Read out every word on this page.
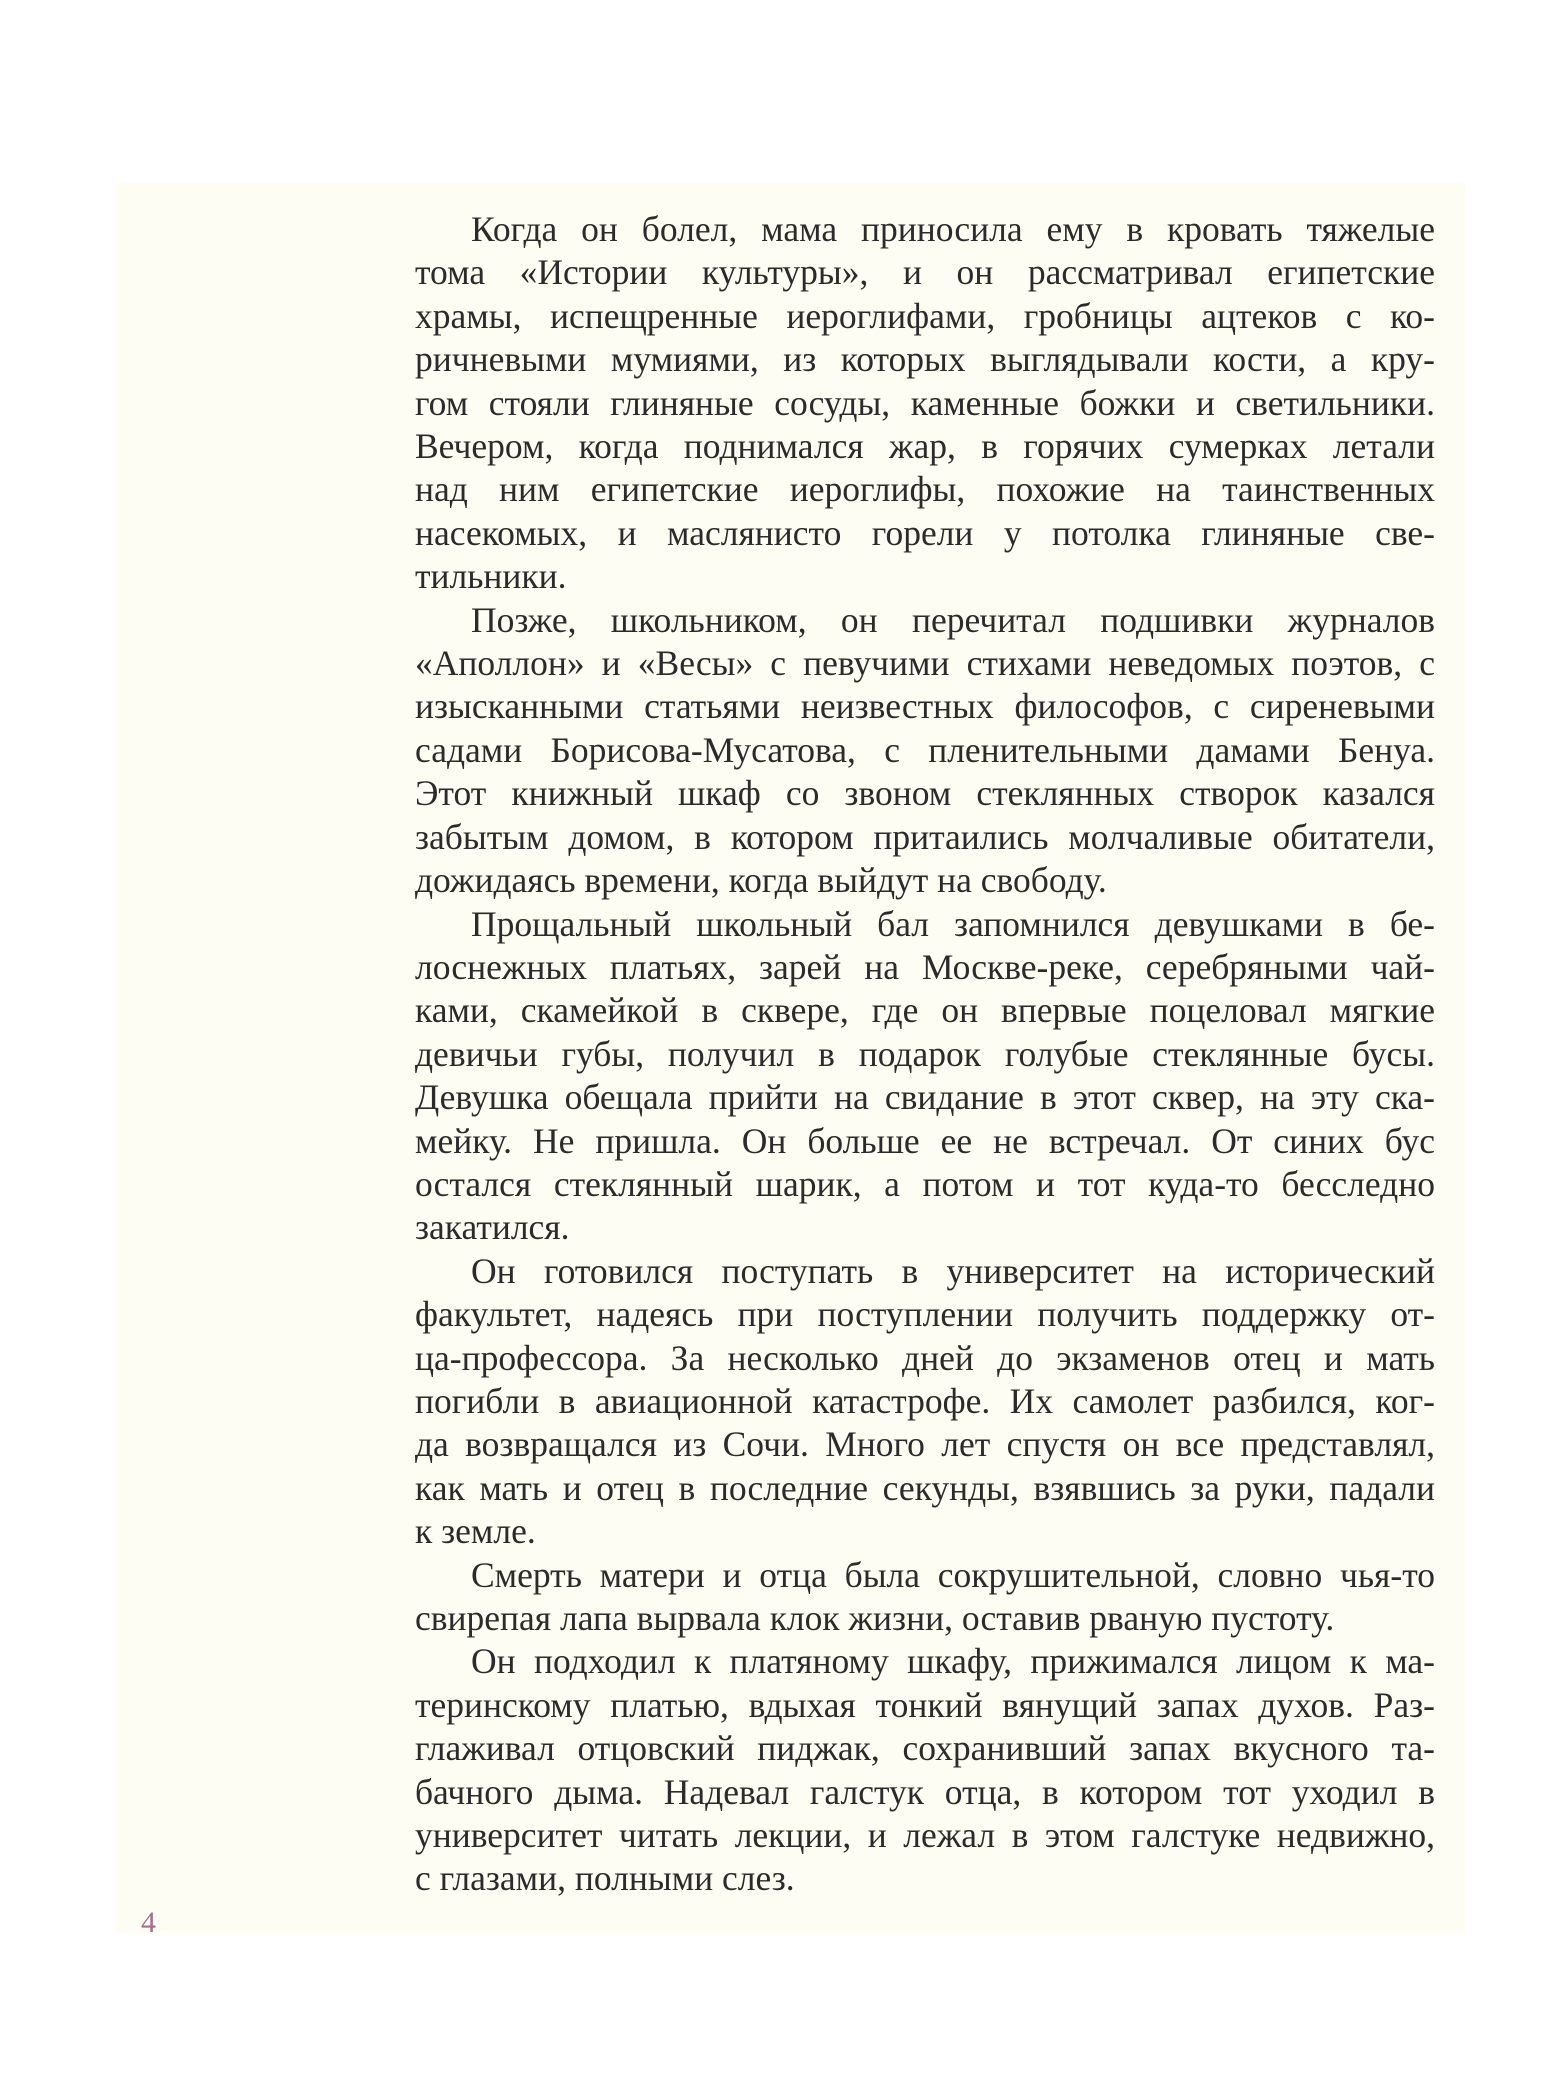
Когда он болел, мама приносила ему в кровать тяжелые
тома «Истории культуры», и он рассматривал египетские
храмы, испещренные иероглифами, гробницы ацтеков с ко-
ричневыми мумиями, из которых выглядывали кости, а кру-
гом стояли глиняные сосуды, каменные божки и светильники.
Вечером, когда поднимался жар, в горячих сумерках летали
над ним египетские иероглифы, похожие на таинственных
насекомых, и маслянисто горели у потолка глиняные све-
тильники.

Позже, школьником, он перечитал подшивки журналов
«Аполлон» и «Весы» с певучими стихами неведомых поэтов, с
изысканными статьями неизвестных философов, с сиреневыми
садами Борисова-Мусатова, с пленительными дамами Бенуа.
Этот книжный шкаф со звоном стеклянных створок казался
забытым домом, в котором притаились молчаливые обитатели,
дожидаясь времени, когда выйдут на свободу.

Прощальный школьный бал запомнился девушками в бе-
лоснежных платьях, зарей на Москве-реке, серебряными чай-
ками, скамейкой в сквере, где он впервые поцеловал мягкие
девичьи губы, получил в подарок голубые стеклянные бусы.
Девушка обещала прийти на свидание в этот сквер, на эту ска-
мейку. Не пришла. Он больше ее не встречал. От синих бус
остался стеклянный шарик, а потом и тот куда-то бесследно
закатился.

Он готовился поступать в университет на исторический
факультет, надеясь при поступлении получить поддержку от-
ца-профессора. За несколько дней до экзаменов отец и мать
погибли в авиационной катастрофе. Их самолет разбился, ког-
да возвращался из Сочи. Много лет спустя он все представлял,
как мать и отец в последние секунды, взявшись за руки, падали
к земле.

Смерть матери и отца была сокрушительной, словно чья-то
свирепая лапа вырвала клок жизни, оставив рваную пустоту.

Он подходил к платяному шкафу, прижимался лицом к ма-
теринскому платью, вдыхая тонкий вянущий запах духов. Раз-
глаживал отцовский пиджак, сохранивший запах вкусного та-
бачного дыма. Надевал галстук отца, в котором тот уходил в
университет читать лекции, и лежал в этом галстуке недвижно,
с глазами, полными слез.

4
